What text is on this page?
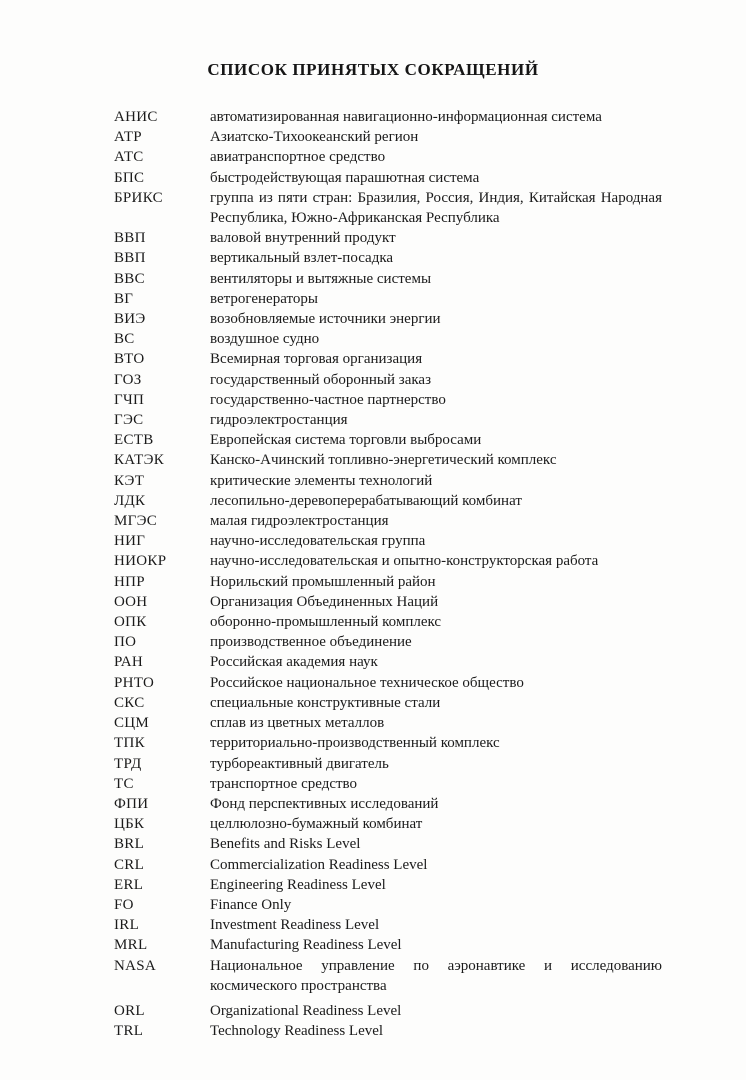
СПИСОК ПРИНЯТЫХ СОКРАЩЕНИЙ
АНИС	автоматизированная навигационно-информационная система
АТР	Азиатско-Тихоокеанский регион
АТС	авиатранспортное средство
БПС	быстродействующая парашютная система
БРИКС	группа из пяти стран: Бразилия, Россия, Индия, Китайская Народная Республика, Южно-Африканская Республика
ВВП	валовой внутренний продукт
ВВП	вертикальный взлет-посадка
ВВС	вентиляторы и вытяжные системы
ВГ	ветрогенераторы
ВИЭ	возобновляемые источники энергии
ВС	воздушное судно
ВТО	Всемирная торговая организация
ГОЗ	государственный оборонный заказ
ГЧП	государственно-частное партнерство
ГЭС	гидроэлектростанция
ЕСТВ	Европейская система торговли выбросами
КАТЭК	Канско-Ачинский топливно-энергетический комплекс
КЭТ	критические элементы технологий
ЛДК	лесопильно-деревоперерабатывающий комбинат
МГЭС	малая гидроэлектростанция
НИГ	научно-исследовательская группа
НИОКР	научно-исследовательская и опытно-конструкторская работа
НПР	Норильский промышленный район
ООН	Организация Объединенных Наций
ОПК	оборонно-промышленный комплекс
ПО	производственное объединение
РАН	Российская академия наук
РНТО	Российское национальное техническое общество
СКС	специальные конструктивные стали
СЦМ	сплав из цветных металлов
ТПК	территориально-производственный комплекс
ТРД	турбореактивный двигатель
ТС	транспортное средство
ФПИ	Фонд перспективных исследований
ЦБК	целлюлозно-бумажный комбинат
BRL	Benefits and Risks Level
CRL	Commercialization Readiness Level
ERL	Engineering Readiness Level
FO	Finance Only
IRL	Investment Readiness Level
MRL	Manufacturing Readiness Level
NASA	Национальное управление по аэронавтике и исследованию космического пространства
ORL	Organizational Readiness Level
TRL	Technology Readiness Level
